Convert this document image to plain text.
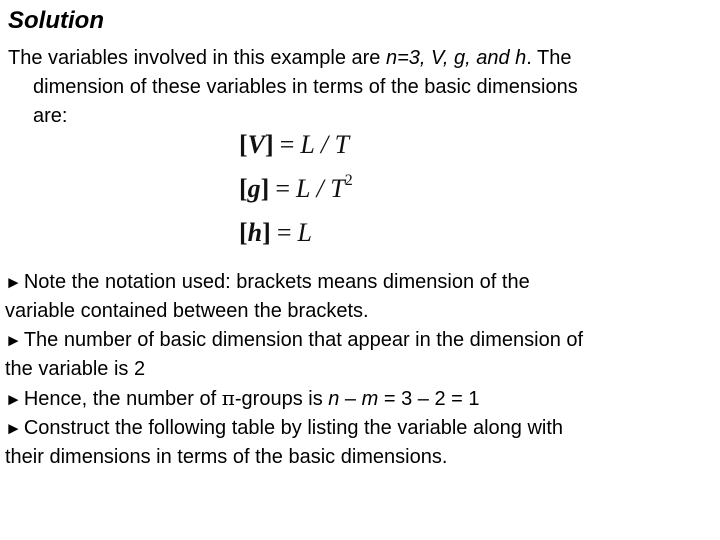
Solution
The variables involved in this example are n=3, V, g, and h. The
dimension of these variables in terms of the basic dimensions
are:
[V] = L / T
$[g] = L / T^2$
[h] = L
► Note the notation used: brackets means dimension of the
variable contained between the brackets.
► The number of basic dimension that appear in the dimension of
the variable is 2
► Hence, the number of π-groups is n – m = 3 – 2 = 1
► Construct the following table by listing the variable along with
their dimensions in terms of the basic dimensions.
